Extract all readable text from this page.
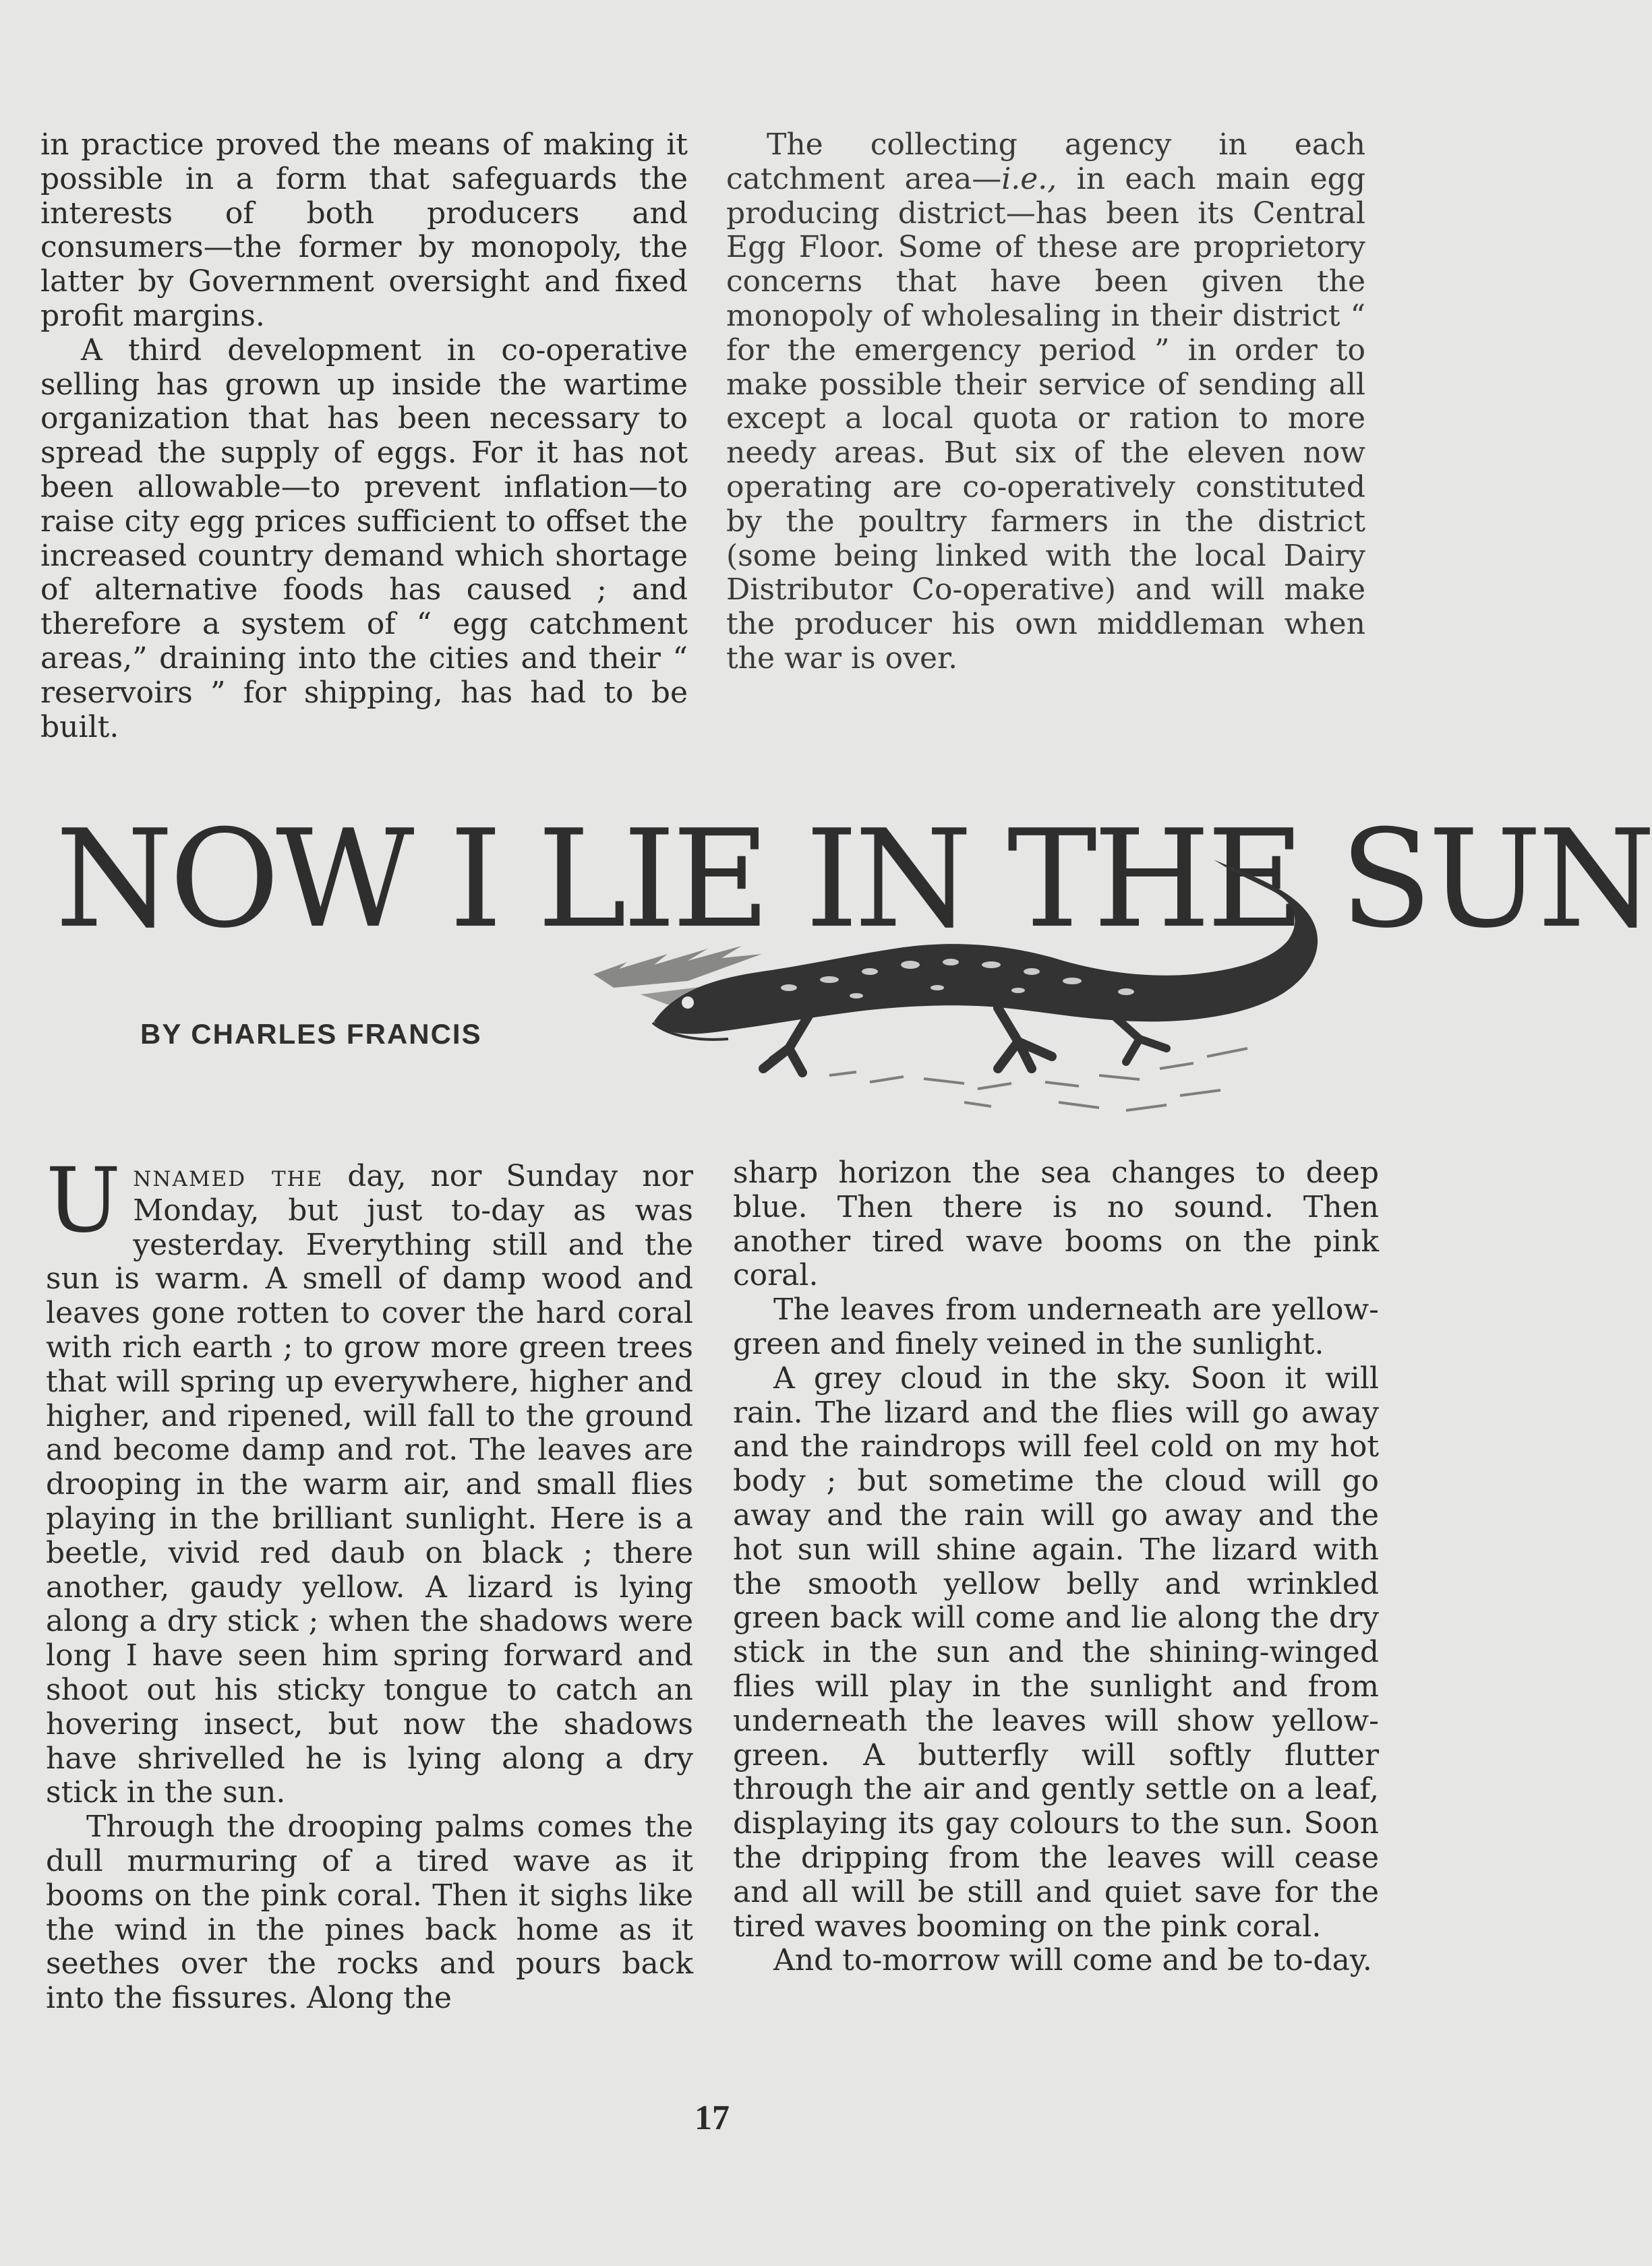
in practice proved the means of making it possible in a form that safeguards the interests of both producers and consumers—the former by monopoly, the latter by Government oversight and fixed profit margins.

A third development in co-operative selling has grown up inside the wartime organization that has been necessary to spread the supply of eggs. For it has not been allowable—to prevent inflation—to raise city egg prices sufficient to offset the increased country demand which shortage of alternative foods has caused ; and therefore a system of “ egg catchment areas,” draining into the cities and their “ reservoirs ” for shipping, has had to be built.

The collecting agency in each catchment area—i.e., in each main egg producing district—has been its Central Egg Floor. Some of these are proprietory concerns that have been given the monopoly of wholesaling in their district “ for the emergency period ” in order to make possible their service of sending all except a local quota or ration to more needy areas. But six of the eleven now operating are co-operatively constituted by the poultry farmers in the district (some being linked with the local Dairy Distributor Co-operative) and will make the producer his own middleman when the war is over.

NOW I LIE IN THE SUN
BY CHARLES FRANCIS

Unnamed the day, nor Sunday nor Monday, but just to-day as was yesterday. Everything still and the sun is warm. A smell of damp wood and leaves gone rotten to cover the hard coral with rich earth ; to grow more green trees that will spring up everywhere, higher and higher, and ripened, will fall to the ground and become damp and rot. The leaves are drooping in the warm air, and small flies playing in the brilliant sunlight. Here is a beetle, vivid red daub on black ; there another, gaudy yellow. A lizard is lying along a dry stick ; when the shadows were long I have seen him spring forward and shoot out his sticky tongue to catch an hovering insect, but now the shadows have shrivelled he is lying along a dry stick in the sun.

Through the drooping palms comes the dull murmuring of a tired wave as it booms on the pink coral. Then it sighs like the wind in the pines back home as it seethes over the rocks and pours back into the fissures. Along the

sharp horizon the sea changes to deep blue. Then there is no sound. Then another tired wave booms on the pink coral.

The leaves from underneath are yellow-green and finely veined in the sunlight.

A grey cloud in the sky. Soon it will rain. The lizard and the flies will go away and the raindrops will feel cold on my hot body ; but sometime the cloud will go away and the rain will go away and the hot sun will shine again. The lizard with the smooth yellow belly and wrinkled green back will come and lie along the dry stick in the sun and the shining-winged flies will play in the sunlight and from underneath the leaves will show yellow-green. A butterfly will softly flutter through the air and gently settle on a leaf, displaying its gay colours to the sun. Soon the dripping from the leaves will cease and all will be still and quiet save for the tired waves booming on the pink coral.

And to-morrow will come and be to-day.

17
